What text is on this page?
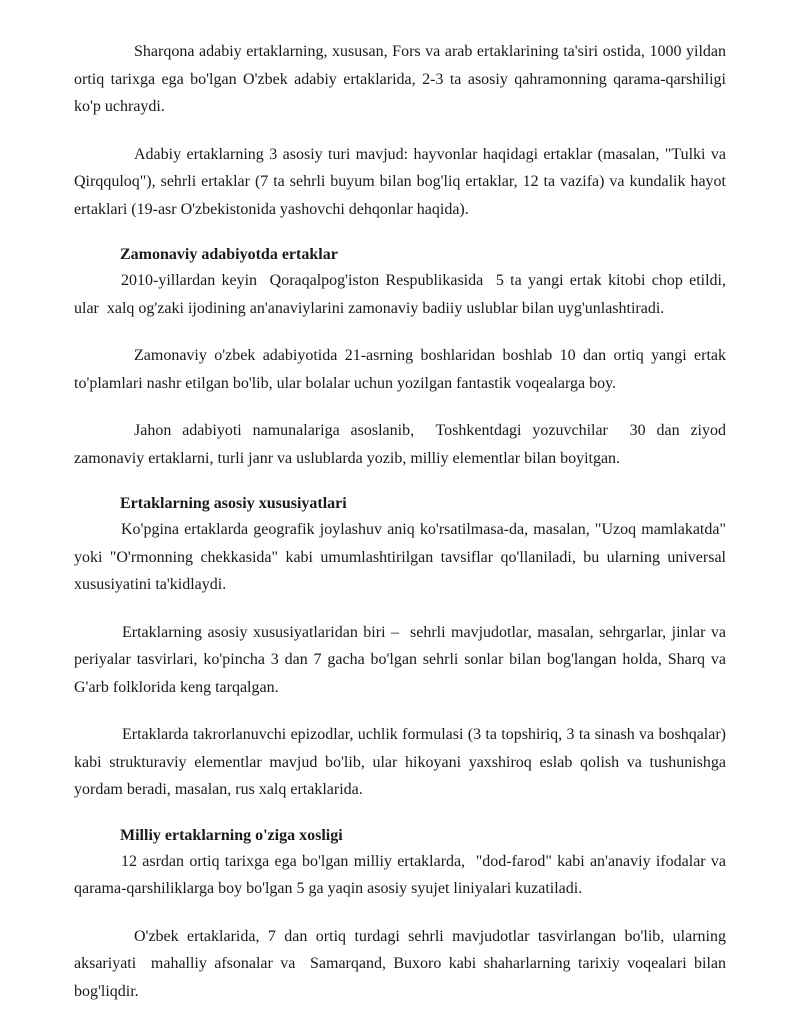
Sharqona adabiy ertaklarning, xususan, Fors va arab ertaklarining ta'siri ostida, 1000 yildan ortiq tarixga ega bo'lgan O'zbek adabiy ertaklarida, 2-3 ta asosiy qahramonning qarama-qarshiligi  ko'p uchraydi.

Adabiy ertaklarning 3 asosiy turi mavjud: hayvonlar haqidagi ertaklar (masalan, "Tulki va Qirqquloq"), sehrli ertaklar (7 ta sehrli buyum bilan bog'liq ertaklar, 12 ta vazifa) va kundalik hayot ertaklari (19-asr O'zbekistonida yashovchi dehqonlar haqida).

Zamonaviy adabiyotda ertaklar

2010-yillardan keyin  Qoraqalpog'iston Respublikasida  5 ta yangi ertak kitobi chop etildi, ular  xalq og'zaki ijodining an'anaviylarini zamonaviy badiiy uslublar bilan uyg'unlashtiradi.

Zamonaviy o'zbek adabiyotida 21-asrning boshlaridan boshlab 10 dan ortiq yangi ertak to'plamlari nashr etilgan bo'lib, ular bolalar uchun yozilgan fantastik voqealarga boy.

Jahon adabiyoti namunalariga asoslanib,  Toshkentdagi yozuvchilar  30 dan ziyod zamonaviy ertaklarni, turli janr va uslublarda yozib, milliy elementlar bilan boyitgan.

Ertaklarning asosiy xususiyatlari

Ko'pgina ertaklarda geografik joylashuv aniq ko'rsatilmasa-da, masalan, "Uzoq mamlakatda" yoki "O'rmonning chekkasida" kabi umumlashtirilgan tavsiflar qo'llaniladi, bu ularning universal xususiyatini ta'kidlaydi.

Ertaklarning asosiy xususiyatlaridan biri –  sehrli mavjudotlar, masalan, sehrgarlar, jinlar va periyalar tasvirlari, ko'pincha 3 dan 7 gacha bo'lgan sehrli sonlar bilan bog'langan holda, Sharq va G'arb folklorida keng tarqalgan.

Ertaklarda takrorlanuvchi epizodlar, uchlik formulasi (3 ta topshiriq, 3 ta sinash va boshqalar) kabi strukturaviy elementlar mavjud bo'lib, ular hikoyani yaxshiroq eslab qolish va tushunishga yordam beradi, masalan, rus xalq ertaklarida.

Milliy ertaklarning o'ziga xosligi

12 asrdan ortiq tarixga ega bo'lgan milliy ertaklarda,  "dod-farod" kabi an'anaviy ifodalar va  qarama-qarshiliklarga boy bo'lgan 5 ga yaqin asosiy syujet liniyalari kuzatiladi.

O'zbek ertaklarida, 7 dan ortiq turdagi sehrli mavjudotlar tasvirlangan bo'lib, ularning aksariyati  mahalliy afsonalar va  Samarqand, Buxoro kabi shaharlarning tarixiy voqealari bilan bog'liqdir.
